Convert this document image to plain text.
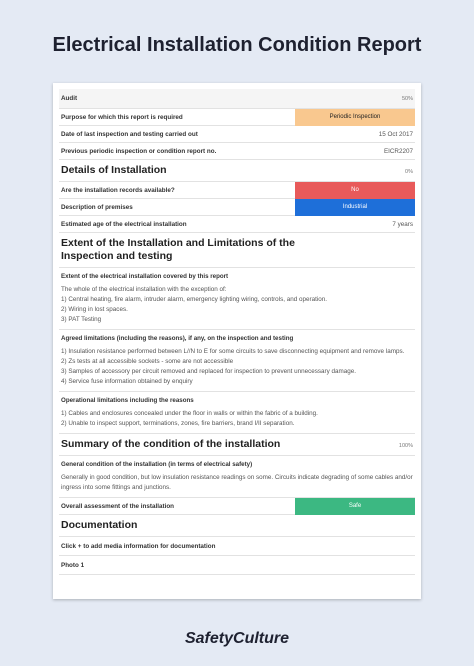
Electrical Installation Condition Report
Audit	50%
Purpose for which this report is required	Periodic Inspection
Date of last inspection and testing carried out	15 Oct 2017
Previous periodic inspection or condition report no.	EICR2207
Details of Installation	0%
Are the installation records available?	No
Description of premises	Industrial
Estimated age of the electrical installation	7 years
Extent of the Installation and Limitations of the
Inspection and testing
Extent of the electrical installation covered by this report
The whole of the electrical installation with the exception of:
1) Central heating, fire alarm, intruder alarm, emergency lighting wiring, controls, and operation.
2) Wiring in lost spaces.
3) PAT Testing
Agreed limitations (including the reasons), if any, on the inspection and testing
1) Insulation resistance performed between L//N to E for some circuits to save disconnecting equipment and remove lamps.
2) Zs tests at all accessible sockets - some are not accessible
3) Samples of accessory per circuit removed and replaced for inspection to prevent unnecessary damage.
4) Service fuse information obtained by enquiry
Operational limitations including the reasons
1) Cables and enclosures concealed under the floor in walls or within the fabric of a building.
2) Unable to inspect support, terminations, zones, fire barriers, brand I/II separation.
Summary of the condition of the installation	100%
General condition of the installation (in terms of electrical safety)
Generally in good condition, but low insulation resistance readings on some. Circuits indicate degrading of some cables and/or ingress into some fittings and junctions.
Overall assessment of the installation	Safe
Documentation
Click + to add media information for documentation
Photo 1
SafetyCulture
